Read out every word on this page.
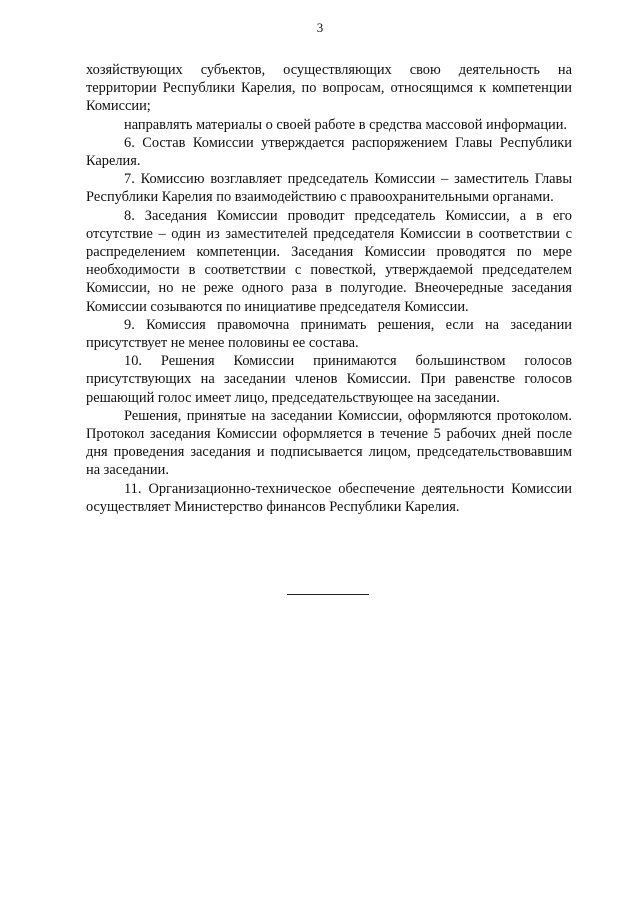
3

хозяйствующих субъектов, осуществляющих свою деятельность на территории Республики Карелия, по вопросам, относящимся к компетенции Комиссии;

направлять материалы о своей работе в средства массовой информации.

6. Состав Комиссии утверждается распоряжением Главы Республики Карелия.

7. Комиссию возглавляет председатель Комиссии – заместитель Главы Республики Карелия по взаимодействию с правоохранительными органами.

8. Заседания Комиссии проводит председатель Комиссии, а в его отсутствие – один из заместителей председателя Комиссии в соответствии с распределением компетенции. Заседания Комиссии проводятся по мере необходимости в соответствии с повесткой, утверждаемой председателем Комиссии, но не реже одного раза в полугодие. Внеочередные заседания Комиссии созываются по инициативе председателя Комиссии.

9. Комиссия правомочна принимать решения, если на заседании присутствует не менее половины ее состава.

10. Решения Комиссии принимаются большинством голосов присутствующих на заседании членов Комиссии. При равенстве голосов решающий голос имеет лицо, председательствующее на заседании.

Решения, принятые на заседании Комиссии, оформляются протоколом. Протокол заседания Комиссии оформляется в течение 5 рабочих дней после дня проведения заседания и подписывается лицом, председательствовавшим на заседании.

11. Организационно-техническое обеспечение деятельности Комиссии осуществляет Министерство финансов Республики Карелия.
